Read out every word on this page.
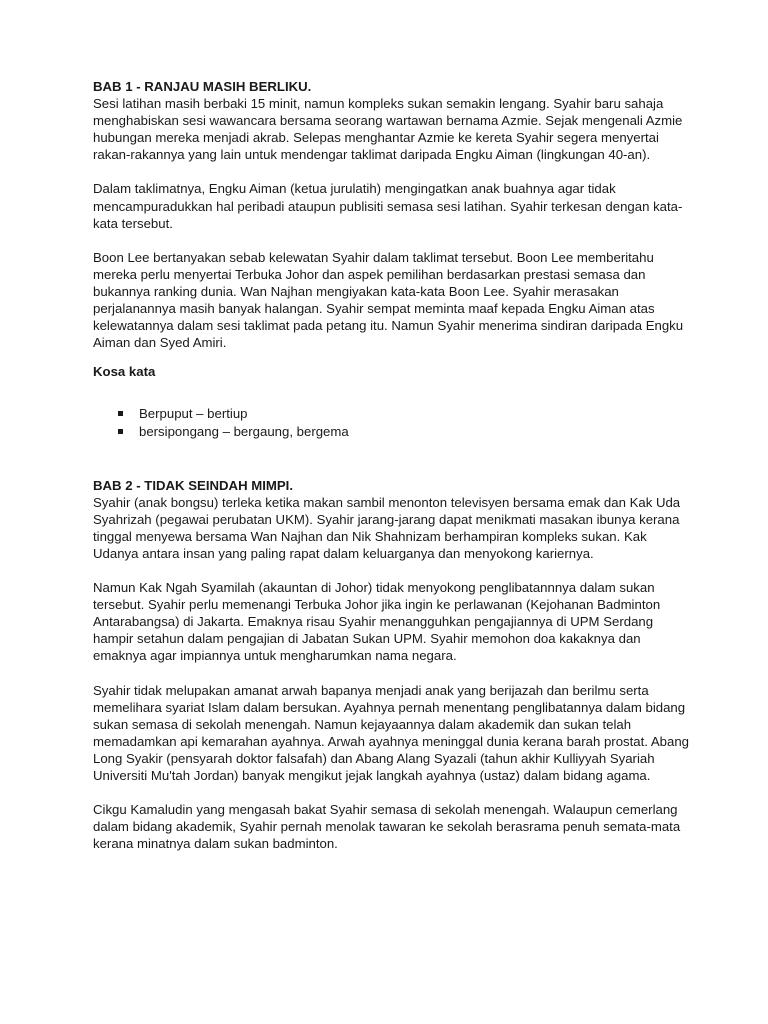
BAB 1 - RANJAU MASIH BERLIKU.

Sesi latihan masih berbaki 15 minit, namun kompleks sukan semakin lengang. Syahir baru sahaja menghabiskan sesi wawancara bersama seorang wartawan bernama Azmie. Sejak mengenali Azmie hubungan mereka menjadi akrab. Selepas menghantar Azmie ke kereta Syahir segera menyertai rakan-rakannya yang lain untuk mendengar taklimat daripada Engku Aiman (lingkungan 40-an).

Dalam taklimatnya, Engku Aiman (ketua jurulatih) mengingatkan anak buahnya agar tidak mencampuradukkan hal peribadi ataupun publisiti semasa sesi latihan. Syahir terkesan dengan kata-kata tersebut.

Boon Lee bertanyakan sebab kelewatan Syahir dalam taklimat tersebut. Boon Lee memberitahu mereka perlu menyertai Terbuka Johor dan aspek pemilihan berdasarkan prestasi semasa dan bukannya ranking dunia. Wan Najhan mengiyakan kata-kata Boon Lee. Syahir merasakan perjalanannya masih banyak halangan. Syahir sempat meminta maaf kepada Engku Aiman atas kelewatannya dalam sesi taklimat pada petang itu. Namun Syahir menerima sindiran daripada Engku Aiman dan Syed Amiri.

Kosa kata

Berpuput – bertiup
bersipongang – bergaung, bergema

BAB 2 - TIDAK SEINDAH MIMPI.

Syahir (anak bongsu) terleka ketika makan sambil menonton televisyen bersama emak dan Kak Uda Syahrizah (pegawai perubatan UKM). Syahir jarang-jarang dapat menikmati masakan ibunya kerana tinggal menyewa bersama Wan Najhan dan Nik Shahnizam berhampiran kompleks sukan. Kak Udanya antara insan yang paling rapat dalam keluarganya dan menyokong kariernya.

Namun Kak Ngah Syamilah (akauntan di Johor) tidak menyokong penglibatannnya dalam sukan tersebut. Syahir perlu memenangi Terbuka Johor jika ingin ke perlawanan (Kejohanan Badminton Antarabangsa) di Jakarta. Emaknya risau Syahir menangguhkan pengajiannya di UPM Serdang hampir setahun dalam pengajian di Jabatan Sukan UPM. Syahir memohon doa kakaknya dan emaknya agar impiannya untuk mengharumkan nama negara.

Syahir tidak melupakan amanat arwah bapanya menjadi anak yang berijazah dan berilmu serta memelihara syariat Islam dalam bersukan. Ayahnya pernah menentang penglibatannya dalam bidang sukan semasa di sekolah menengah. Namun kejayaannya dalam akademik dan sukan telah memadamkan api kemarahan ayahnya. Arwah ayahnya meninggal dunia kerana barah prostat. Abang Long Syakir (pensyarah doktor falsafah) dan Abang Alang Syazali (tahun akhir Kulliyyah Syariah Universiti Mu'tah Jordan) banyak mengikut jejak langkah ayahnya (ustaz) dalam bidang agama.

Cikgu Kamaludin yang mengasah bakat Syahir semasa di sekolah menengah. Walaupun cemerlang dalam bidang akademik, Syahir pernah menolak tawaran ke sekolah berasrama penuh semata-mata kerana minatnya dalam sukan badminton.
